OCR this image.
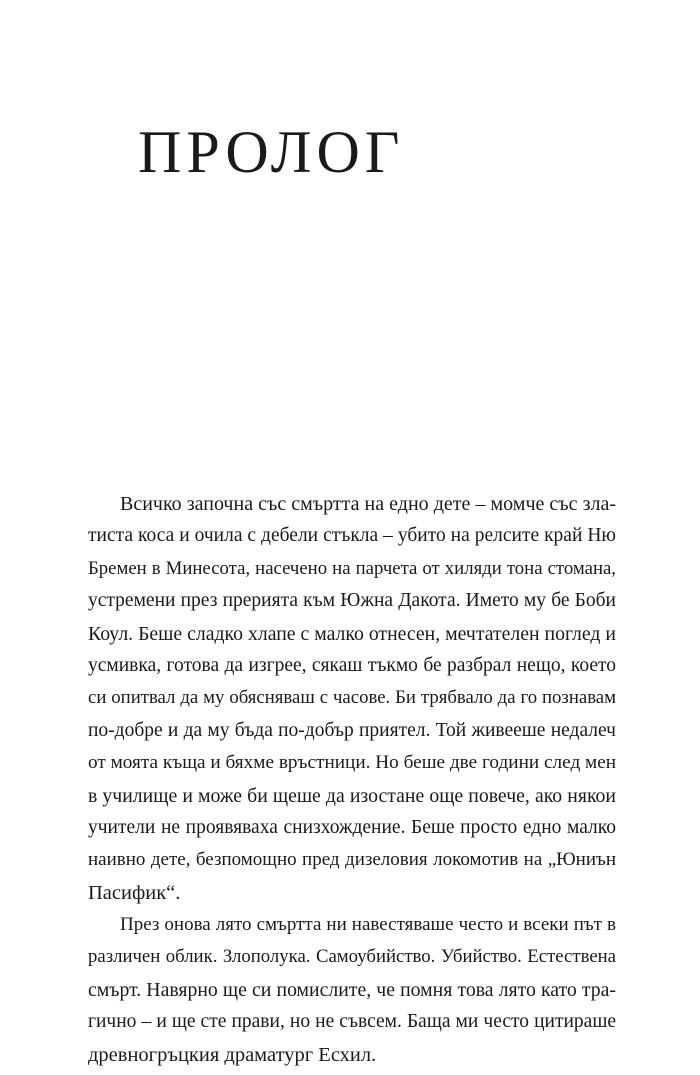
ПРОЛОГ
Всичко започна със смъртта на едно дете – момче със зла-
тиста коса и очила с дебели стъкла – убито на релсите край Ню
Бремен в Минесота, насечено на парчета от хиляди тона стомана,
устремени през прерията към Южна Дакота. Името му бе Боби
Коул. Беше сладко хлапе с малко отнесен, мечтателен поглед и
усмивка, готова да изгрее, сякаш тъкмо бе разбрал нещо, което
си опитвал да му обясняваш с часове. Би трябвало да го познавам
по-добре и да му бъда по-добър приятел. Той живееше недалеч
от моята къща и бяхме връстници. Но беше две години след мен
в училище и може би щеше да изостане още повече, ако някои
учители не проявяваха снизхождение. Беше просто едно малко
наивно дете, безпомощно пред дизеловия локомотив на „Юниън
Пасифик“.
През онова лято смъртта ни навестяваше често и всеки път в
различен облик. Злополука. Самоубийство. Убийство. Естествена
смърт. Навярно ще си помислите, че помня това лято като тра-
гично – и ще сте прави, но не съвсем. Баща ми често цитираше
древногръцкия драматург Есхил.
